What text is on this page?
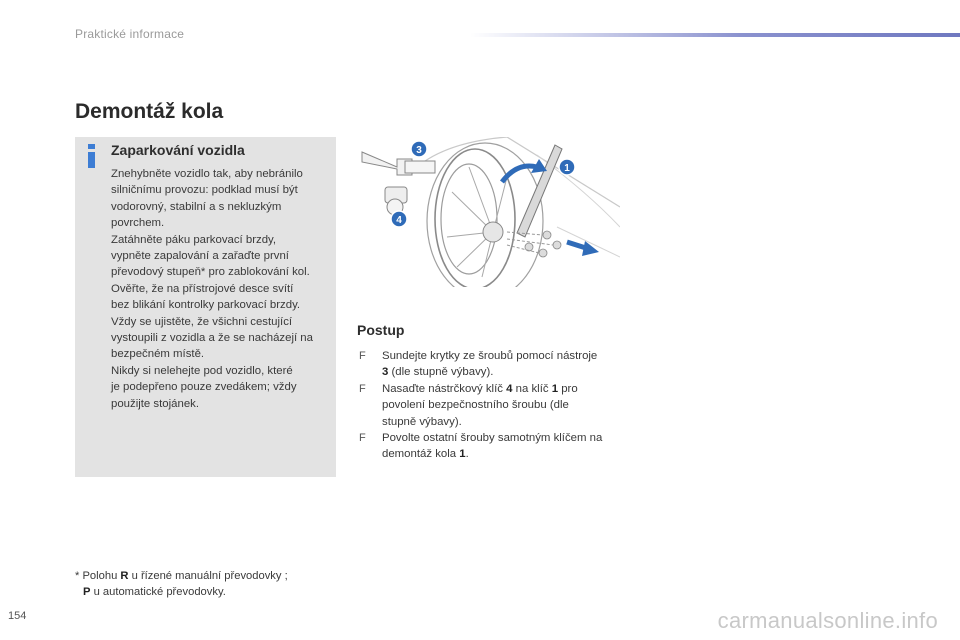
Praktické informace
Demontáž kola
Zaparkování vozidla
Znehybněte vozidlo tak, aby nebránilo
silničnímu provozu: podklad musí být
vodorovný, stabilní a s nekluzkým
povrchem.
Zatáhněte páku parkovací brzdy,
vypněte zapalování a zařaďte první
převodový stupeň* pro zablokování kol.
Ověřte, že na přístrojové desce svítí
bez blikání kontrolky parkovací brzdy.
Vždy se ujistěte, že všichni cestující
vystoupili z vozidla a že se nacházejí na
bezpečném místě.
Nikdy si nelehejte pod vozidlo, které
je podepřeno pouze zvedákem; vždy
použijte stojánek.
3
1
4
Postup
F Sundejte krytky ze šroubů pomocí nástroje
3 (dle stupně výbavy).
F Nasaďte nástrčkový klíč 4 na klíč 1 pro
povolení bezpečnostního šroubu (dle
stupně výbavy).
F Povolte ostatní šrouby samotným klíčem na
demontáž kola 1.
* Polohu R u řízené manuální převodovky ;
P u automatické převodovky.
154	carmanualsonline.info
